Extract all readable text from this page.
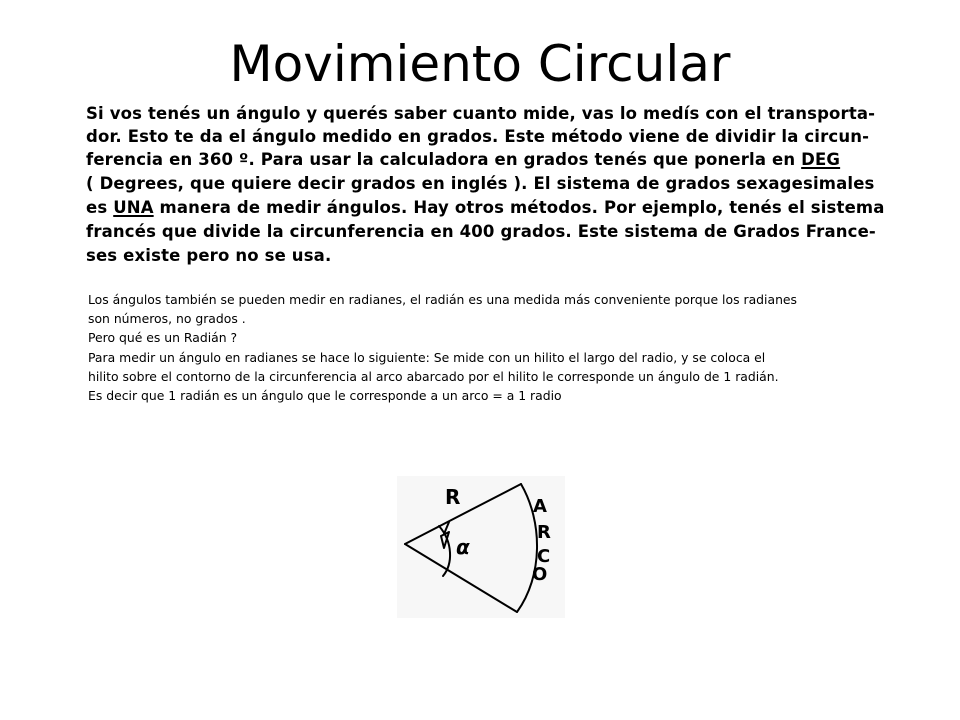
Movimiento Circular
Si vos tenés un ángulo y querés saber cuanto mide, vas lo medís con el transporta-
dor. Esto te da el ángulo medido en grados. Este método viene de dividir la circun-
ferencia en 360 º. Para usar la calculadora en grados tenés que ponerla en DEG
( Degrees, que quiere decir grados en inglés ). El sistema de grados sexagesimales
es UNA manera de medir ángulos. Hay otros métodos. Por ejemplo, tenés el sistema
francés que divide la circunferencia en 400 grados. Este sistema de Grados France-
ses existe pero no se usa.
Los ángulos también se pueden medir en radianes, el radián es una medida más conveniente porque los radianes
son números, no grados .
Pero qué es un Radián ?
Para medir un ángulo en radianes se hace lo siguiente: Se mide con un hilito el largo del radio, y se coloca el
hilito sobre el contorno de la circunferencia al arco abarcado por el hilito le corresponde un ángulo de 1 radián.
Es decir que 1 radián es un ángulo que le corresponde a un arco = a 1 radio
R
α
A
R
C
O
